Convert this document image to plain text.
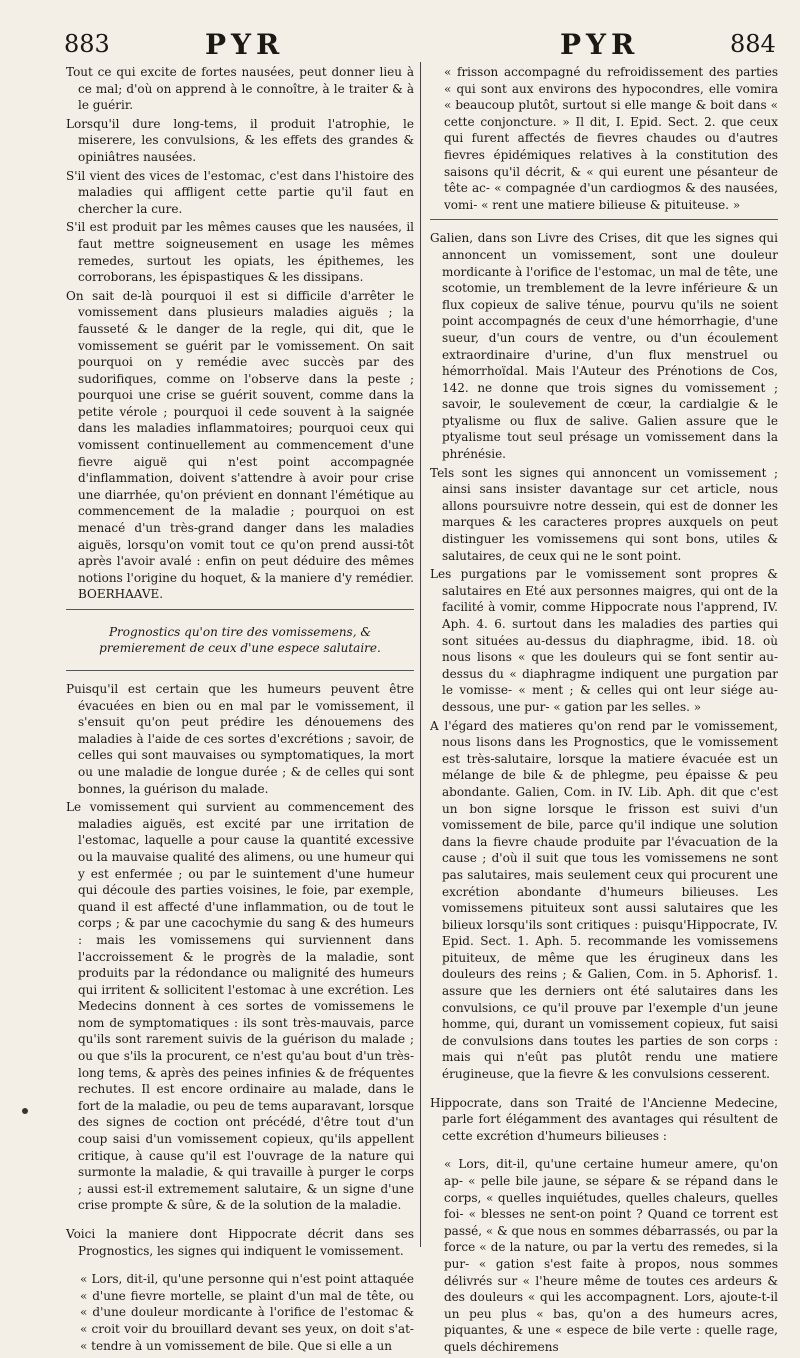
883	PYR	PYR	884

Tout ce qui excite de fortes nausées, peut donner lieu à ce mal; d'où on apprend à le connoître, à le traiter & à le guérir.

Lorsqu'il dure long-tems, il produit l'atrophie, le miserere, les convulsions, & les effets des grandes & opiniâtres nausées.

S'il vient des vices de l'estomac, c'est dans l'histoire des maladies qui affligent cette partie qu'il faut en chercher la cure.

S'il est produit par les mêmes causes que les nausées, il faut mettre soigneusement en usage les mêmes remedes, surtout les opiats, les épithemes, les corroborans, les épispastiques & les dissipans.

On sait de-là pourquoi il est si difficile d'arrêter le vomissement dans plusieurs maladies aiguës ; la fausseté & le danger de la regle, qui dit, que le vomissement se guérit par le vomissement. On sait pourquoi on y remédie avec succès par des sudorifiques, comme on l'observe dans la peste ; pourquoi une crise se guérit souvent, comme dans la petite vérole ; pourquoi il cede souvent à la saignée dans les maladies inflammatoires; pourquoi ceux qui vomissent continuellement au commencement d'une fievre aiguë qui n'est point accompagnée d'inflammation, doivent s'attendre à avoir pour crise une diarrhée, qu'on prévient en donnant l'émétique au commencement de la maladie ; pourquoi on est menacé d'un très-grand danger dans les maladies aiguës, lorsqu'on vomit tout ce qu'on prend aussi-tôt après l'avoir avalé : enfin on peut déduire des mêmes notions l'origine du hoquet, & la maniere d'y remédier. BOERHAAVE.

Prognostics qu'on tire des vomissemens, & premierement de ceux d'une espece salutaire.

Puisqu'il est certain que les humeurs peuvent être évacuées en bien ou en mal par le vomissement, il s'ensuit qu'on peut prédire les dénouemens des maladies à l'aide de ces sortes d'excrétions ; savoir, de celles qui sont mauvaises ou symptomatiques, la mort ou une maladie de longue durée ; & de celles qui sont bonnes, la guérison du malade.

Le vomissement qui survient au commencement des maladies aiguës, est excité par une irritation de l'estomac, laquelle a pour cause la quantité excessive ou la mauvaise qualité des alimens, ou une humeur qui y est enfermée ; ou par le suintement d'une humeur qui découle des parties voisines, le foie, par exemple, quand il est affecté d'une inflammation, ou de tout le corps ; & par une cacochymie du sang & des humeurs : mais les vomissemens qui surviennent dans l'accroissement & le progrès de la maladie, sont produits par la rédondance ou malignité des humeurs qui irritent & sollicitent l'estomac à une excrétion. Les Medecins donnent à ces sortes de vomissemens le nom de symptomatiques : ils sont très-mauvais, parce qu'ils sont rarement suivis de la guérison du malade ; ou que s'ils la procurent, ce n'est qu'au bout d'un très-long tems, & après des peines infinies & de fréquentes rechutes. Il est encore ordinaire au malade, dans le fort de la maladie, ou peu de tems auparavant, lorsque des signes de coction ont précédé, d'être tout d'un coup saisi d'un vomissement copieux, qu'ils appellent critique, à cause qu'il est l'ouvrage de la nature qui surmonte la maladie, & qui travaille à purger le corps ; aussi est-il extremement salutaire, & un signe d'une crise prompte & sûre, & de la solution de la maladie.

Voici la maniere dont Hippocrate décrit dans ses Prognostics, les signes qui indiquent le vomissement.

« Lors, dit-il, qu'une personne qui n'est point attaquée « d'une fievre mortelle, se plaint d'un mal de tête, ou « d'une douleur mordicante à l'orifice de l'estomac & « croit voir du brouillard devant ses yeux, on doit s'at- « tendre à un vomissement de bile. Que si elle a un

« frisson accompagné du refroidissement des parties « qui sont aux environs des hypocondres, elle vomira « beaucoup plutôt, surtout si elle mange & boit dans « cette conjoncture. » Il dit, I. Epid. Sect. 2. que ceux qui furent affectés de fievres chaudes ou d'autres fievres épidémiques relatives à la constitution des saisons qu'il décrit, & « qui eurent une pésanteur de tête ac- « compagnée d'un cardiogmos & des nausées, vomi- « rent une matiere bilieuse & pituiteuse. »

Galien, dans son Livre des Crises, dit que les signes qui annoncent un vomissement, sont une douleur mordicante à l'orifice de l'estomac, un mal de tête, une scotomie, un tremblement de la levre inférieure & un flux copieux de salive ténue, pourvu qu'ils ne soient point accompagnés de ceux d'une hémorrhagie, d'une sueur, d'un cours de ventre, ou d'un écoulement extraordinaire d'urine, d'un flux menstruel ou hémorrhoïdal. Mais l'Auteur des Prénotions de Cos, 142. ne donne que trois signes du vomissement ; savoir, le soulevement de cœur, la cardialgie & le ptyalisme ou flux de salive. Galien assure que le ptyalisme tout seul présage un vomissement dans la phrénésie.

Tels sont les signes qui annoncent un vomissement ; ainsi sans insister davantage sur cet article, nous allons poursuivre notre dessein, qui est de donner les marques & les caracteres propres auxquels on peut distinguer les vomissemens qui sont bons, utiles & salutaires, de ceux qui ne le sont point.

Les purgations par le vomissement sont propres & salutaires en Eté aux personnes maigres, qui ont de la facilité à vomir, comme Hippocrate nous l'apprend, IV. Aph. 4. 6. surtout dans les maladies des parties qui sont situées au-dessus du diaphragme, ibid. 18. où nous lisons « que les douleurs qui se font sentir au-dessus du « diaphragme indiquent une purgation par le vomisse- « ment ; & celles qui ont leur siége au-dessous, une pur- « gation par les selles. »

A l'égard des matieres qu'on rend par le vomissement, nous lisons dans les Prognostics, que le vomissement est très-salutaire, lorsque la matiere évacuée est un mélange de bile & de phlegme, peu épaisse & peu abondante. Galien, Com. in IV. Lib. Aph. dit que c'est un bon signe lorsque le frisson est suivi d'un vomissement de bile, parce qu'il indique une solution dans la fievre chaude produite par l'évacuation de la cause ; d'où il suit que tous les vomissemens ne sont pas salutaires, mais seulement ceux qui procurent une excrétion abondante d'humeurs bilieuses. Les vomissemens pituiteux sont aussi salutaires que les bilieux lorsqu'ils sont critiques : puisqu'Hippocrate, IV. Epid. Sect. 1. Aph. 5. recommande les vomissemens pituiteux, de même que les érugineux dans les douleurs des reins ; & Galien, Com. in 5. Aphorisf. 1. assure que les derniers ont été salutaires dans les convulsions, ce qu'il prouve par l'exemple d'un jeune homme, qui, durant un vomissement copieux, fut saisi de convulsions dans toutes les parties de son corps : mais qui n'eût pas plutôt rendu une matiere érugineuse, que la fievre & les convulsions cesserent.

Hippocrate, dans son Traité de l'Ancienne Medecine, parle fort élégamment des avantages qui résultent de cette excrétion d'humeurs bilieuses :

« Lors, dit-il, qu'une certaine humeur amere, qu'on ap- « pelle bile jaune, se sépare & se répand dans le corps, « quelles inquiétudes, quelles chaleurs, quelles foi- « blesses ne sent-on point ? Quand ce torrent est passé, « & que nous en sommes débarrassés, ou par la force « de la nature, ou par la vertu des remedes, si la pur- « gation s'est faite à propos, nous sommes délivrés sur « l'heure même de toutes ces ardeurs & des douleurs « qui les accompagnent. Lors, ajoute-t-il un peu plus « bas, qu'on a des humeurs acres, piquantes, & une « espece de bile verte : quelle rage, quels déchiremens
